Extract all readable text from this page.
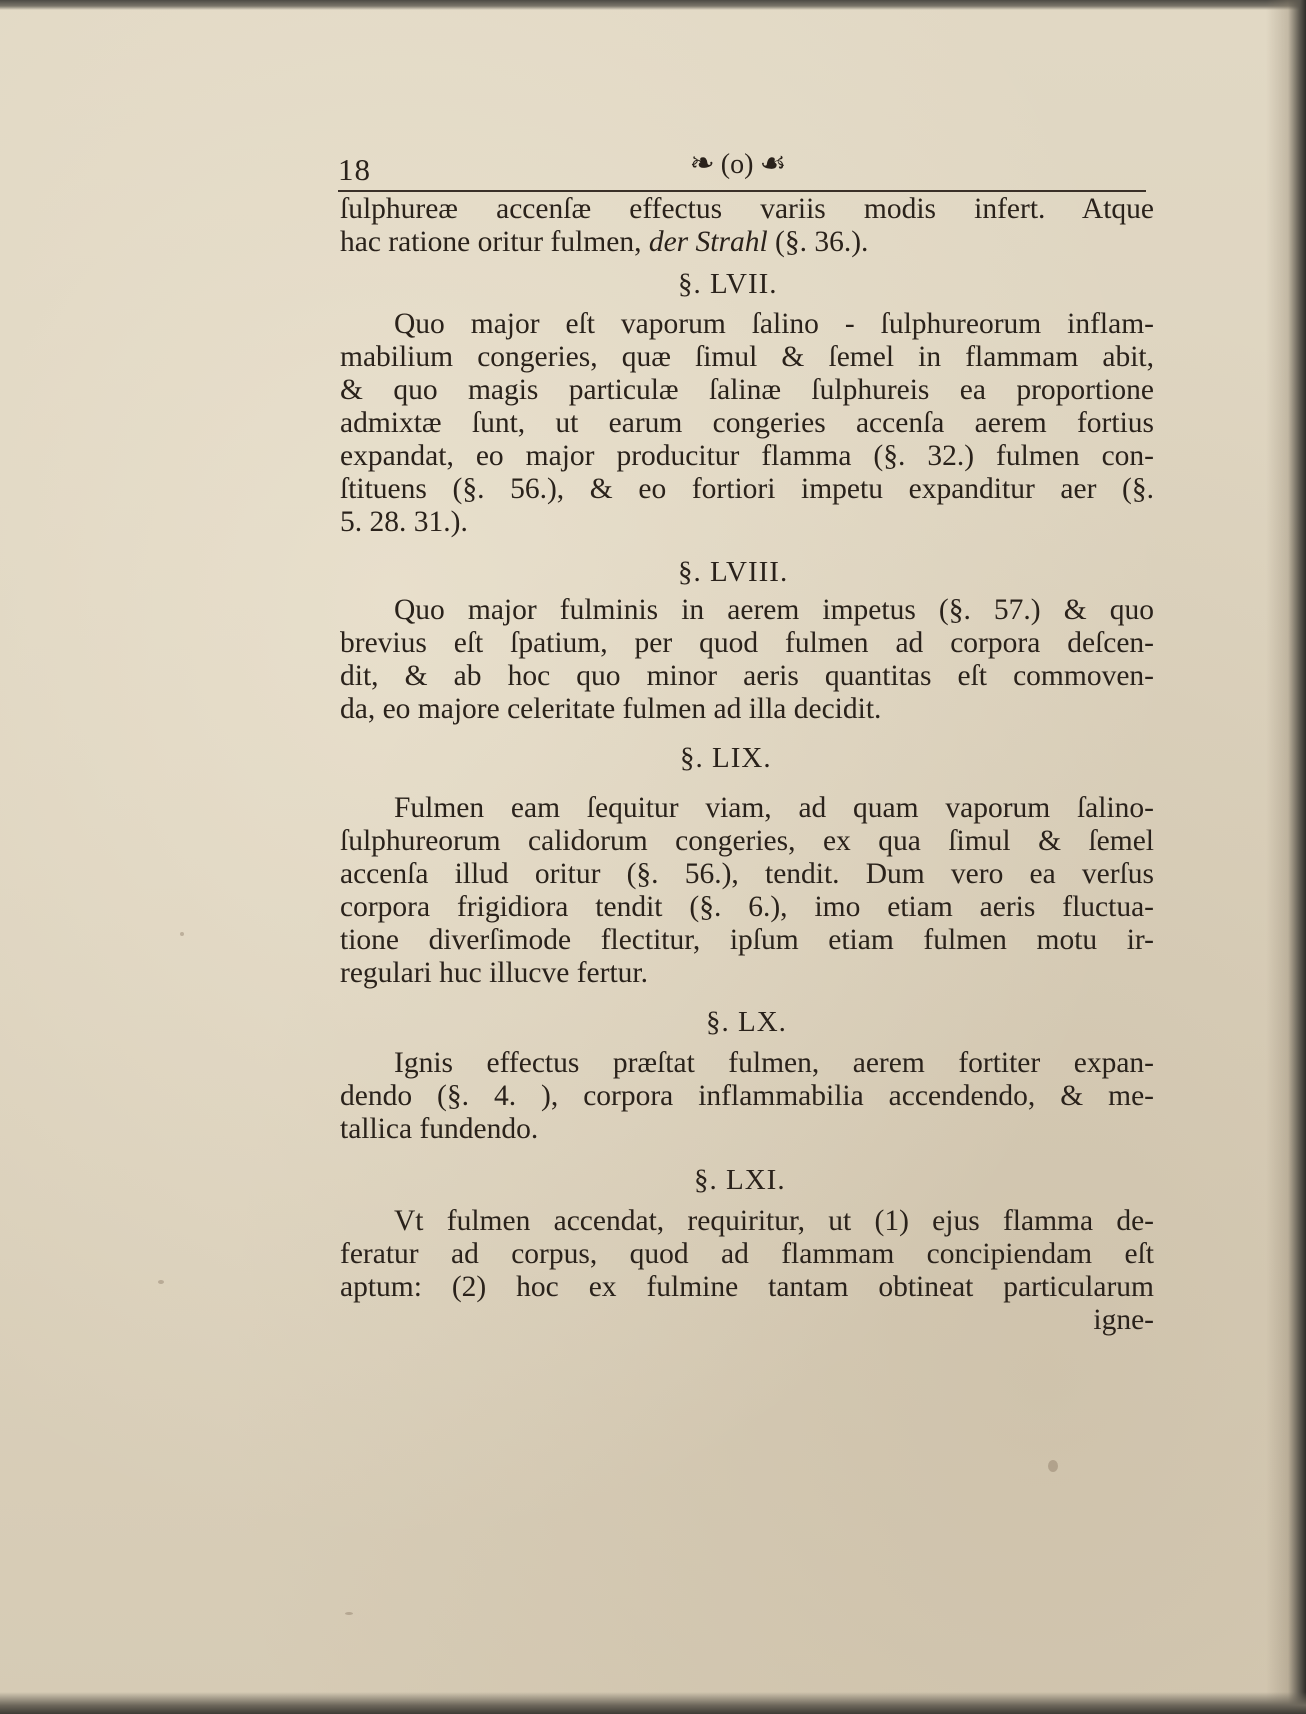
18	❧ (o) ☙
ſulphureæ accenſæ effectus variis modis infert. Atque
hac ratione oritur fulmen, der Strahl (§. 36.).
§. LVII.
Quo major eſt vaporum ſalino - ſulphureorum inflam-
mabilium congeries, quæ ſimul & ſemel in flammam abit,
& quo magis particulæ ſalinæ ſulphureis ea proportione
admixtæ ſunt, ut earum congeries accenſa aerem fortius
expandat, eo major producitur flamma (§. 32.) fulmen con-
ſtituens (§. 56.), & eo fortiori impetu expanditur aer (§.
5. 28. 31.).
§. LVIII.
Quo major fulminis in aerem impetus (§. 57.) & quo
brevius eſt ſpatium, per quod fulmen ad corpora deſcen-
dit, & ab hoc quo minor aeris quantitas eſt commoven-
da, eo majore celeritate fulmen ad illa decidit.
§. LIX.
Fulmen eam ſequitur viam, ad quam vaporum ſalino-
ſulphureorum calidorum congeries, ex qua ſimul & ſemel
accenſa illud oritur (§. 56.), tendit. Dum vero ea verſus
corpora frigidiora tendit (§. 6.), imo etiam aeris fluctua-
tione diverſimode flectitur, ipſum etiam fulmen motu ir-
regulari huc illucve fertur.
§. LX.
Ignis effectus præſtat fulmen, aerem fortiter expan-
dendo (§. 4. ), corpora inflammabilia accendendo, & me-
tallica fundendo.
§. LXI.
Vt fulmen accendat, requiritur, ut (1) ejus flamma de-
feratur ad corpus, quod ad flammam concipiendam eſt
aptum: (2) hoc ex fulmine tantam obtineat particularum
igne-
